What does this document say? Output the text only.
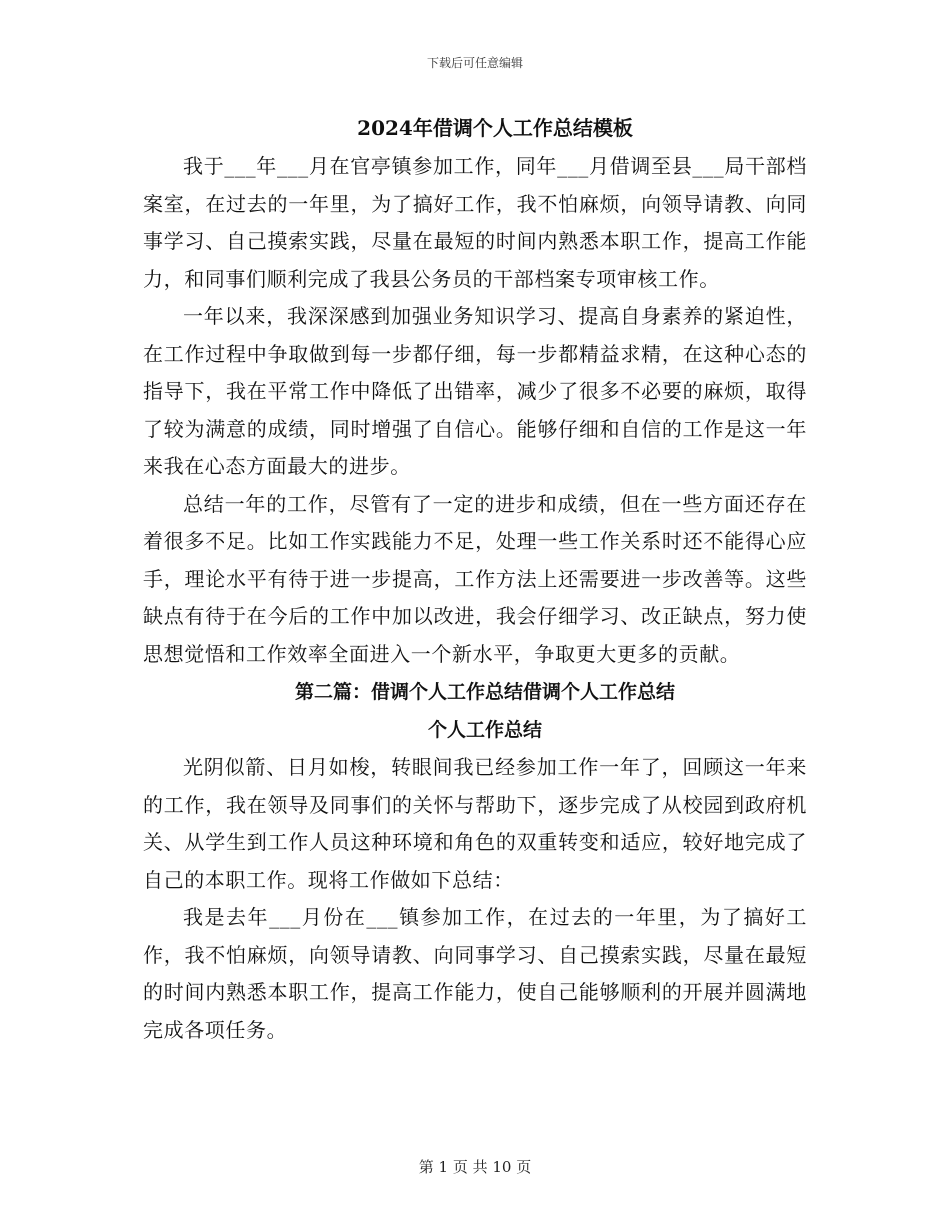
下载后可任意编辑
2024年借调个人工作总结模板

我于___年___月在官亭镇参加工作，同年___月借调至县___局干部档案室，在过去的一年里，为了搞好工作，我不怕麻烦，向领导请教、向同事学习、自己摸索实践，尽量在最短的时间内熟悉本职工作，提高工作能力，和同事们顺利完成了我县公务员的干部档案专项审核工作。

一年以来，我深深感到加强业务知识学习、提高自身素养的紧迫性，在工作过程中争取做到每一步都仔细，每一步都精益求精，在这种心态的指导下，我在平常工作中降低了出错率，减少了很多不必要的麻烦，取得了较为满意的成绩，同时增强了自信心。能够仔细和自信的工作是这一年来我在心态方面最大的进步。

总结一年的工作，尽管有了一定的进步和成绩，但在一些方面还存在着很多不足。比如工作实践能力不足，处理一些工作关系时还不能得心应手，理论水平有待于进一步提高，工作方法上还需要进一步改善等。这些缺点有待于在今后的工作中加以改进，我会仔细学习、改正缺点，努力使思想觉悟和工作效率全面进入一个新水平，争取更大更多的贡献。

第二篇：借调个人工作总结借调个人工作总结
个人工作总结

光阴似箭、日月如梭，转眼间我已经参加工作一年了，回顾这一年来的工作，我在领导及同事们的关怀与帮助下，逐步完成了从校园到政府机关、从学生到工作人员这种环境和角色的双重转变和适应，较好地完成了自己的本职工作。现将工作做如下总结：

我是去年___月份在___镇参加工作，在过去的一年里，为了搞好工作，我不怕麻烦，向领导请教、向同事学习、自己摸索实践，尽量在最短的时间内熟悉本职工作，提高工作能力，使自己能够顺利的开展并圆满地完成各项任务。

第 1 页 共 10 页
